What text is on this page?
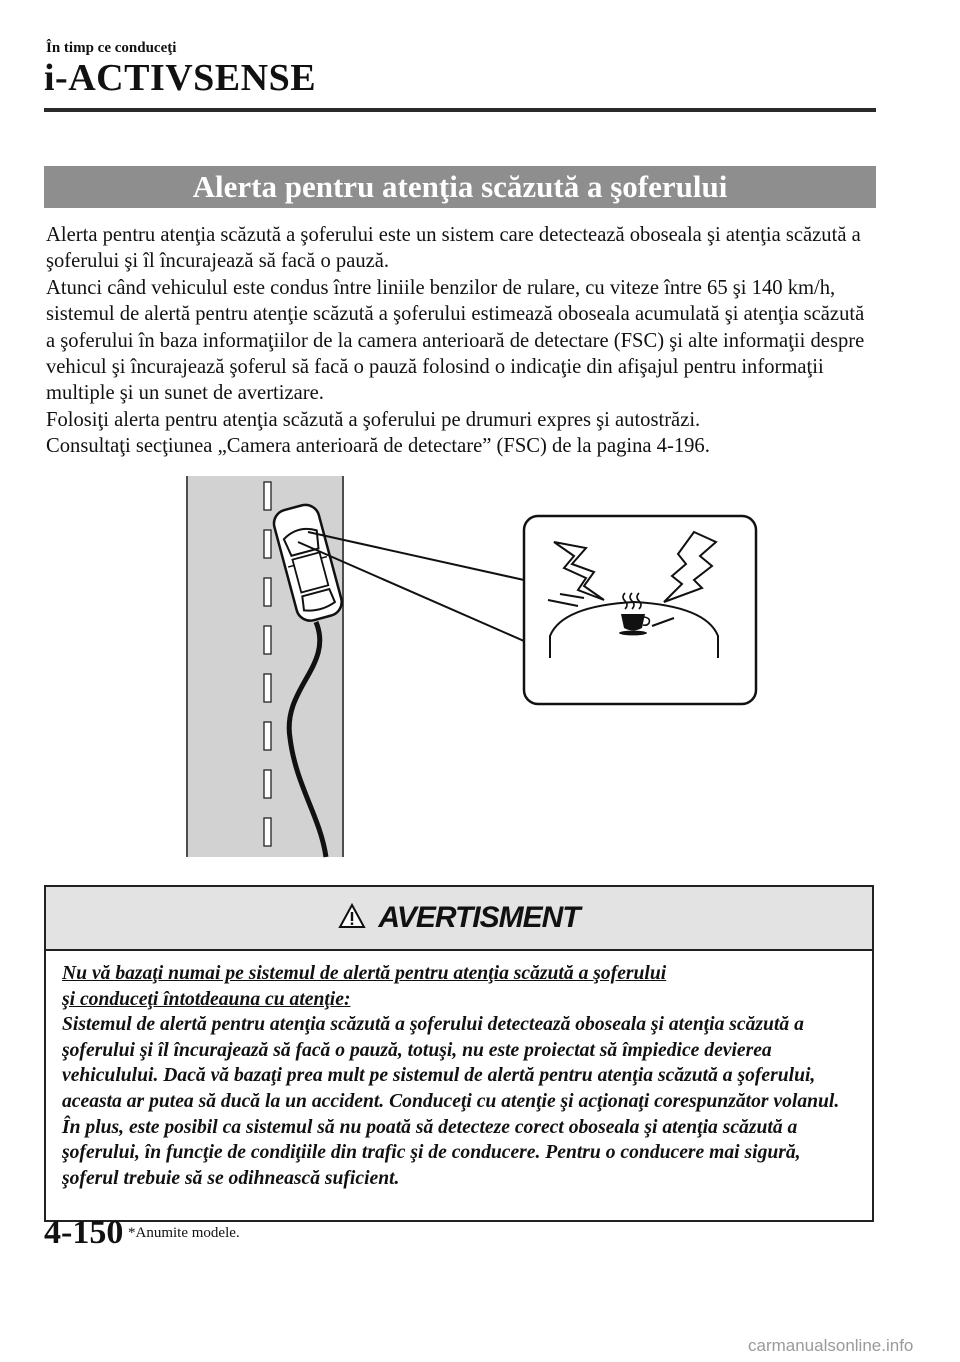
În timp ce conduceţi
i-ACTIVSENSE
Alerta pentru atenţia scăzută a şoferului

Alerta pentru atenţia scăzută a şoferului este un sistem care detectează oboseala şi atenţia scăzută a şoferului şi îl încurajează să facă o pauză.

Atunci când vehiculul este condus între liniile benzilor de rulare, cu viteze între 65 şi 140 km/h, sistemul de alertă pentru atenţie scăzută a şoferului estimează oboseala acumulată şi atenţia scăzută a şoferului în baza informaţiilor de la camera anterioară de detectare (FSC) şi alte informaţii despre vehicul şi încurajează şoferul să facă o pauză folosind o indicaţie din afişajul pentru informaţii multiple şi un sunet de avertizare.

Folosiţi alerta pentru atenţia scăzută a şoferului pe drumuri expres şi autostrăzi.

Consultaţi secţiunea „Camera anterioară de detectare” (FSC) de la pagina 4-196.

AVERTISMENT

Nu vă bazaţi numai pe sistemul de alertă pentru atenţia scăzută a şoferului

şi conduceţi întotdeauna cu atenţie:

Sistemul de alertă pentru atenţia scăzută a şoferului detectează oboseala şi atenţia scăzută a şoferului şi îl încurajează să facă o pauză, totuşi, nu este proiectat să împiedice devierea vehiculului. Dacă vă bazaţi prea mult pe sistemul de alertă pentru atenţia scăzută a şoferului, aceasta ar putea să ducă la un accident. Conduceţi cu atenţie şi acţionaţi corespunzător volanul.

În plus, este posibil ca sistemul să nu poată să detecteze corect oboseala şi atenţia scăzută a şoferului, în funcţie de condiţiile din trafic şi de conducere. Pentru o conducere mai sigură, şoferul trebuie să se odihnească suficient.

4-150 *Anumite modele.
carmanualsonline.info
